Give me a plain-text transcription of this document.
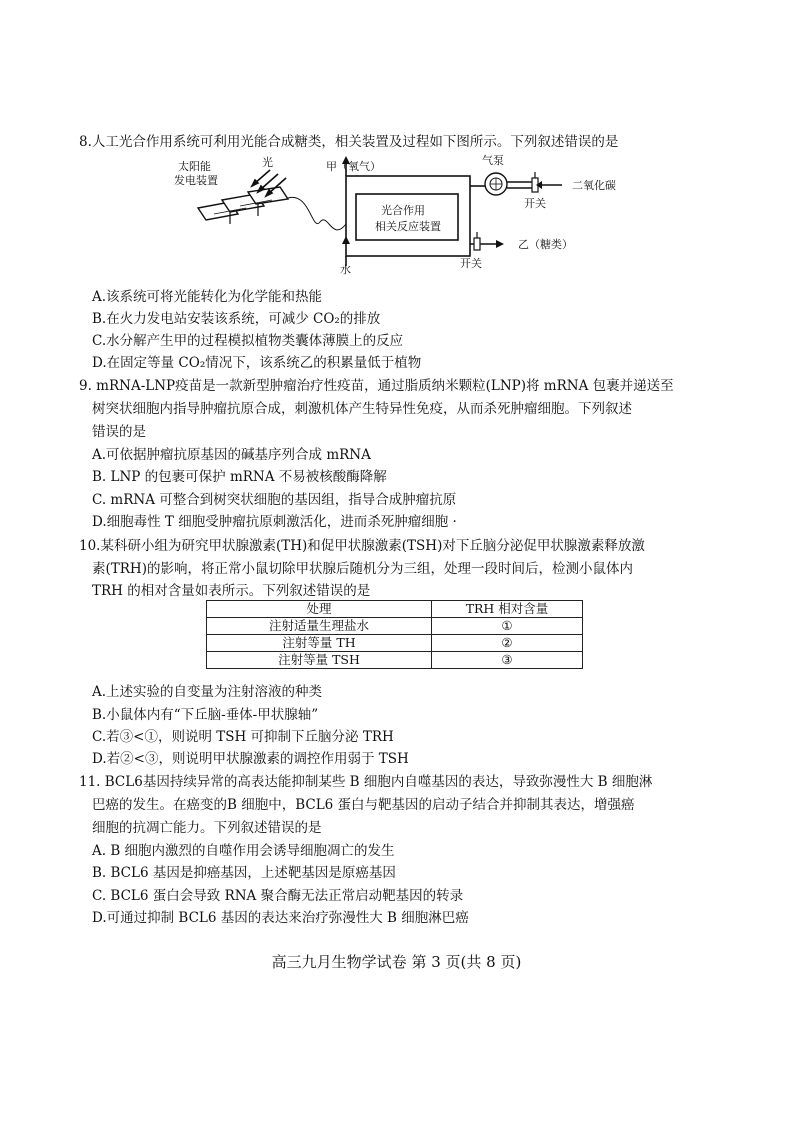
8.人工光合作用系统可利用光能合成糖类，相关装置及过程如下图所示。下列叙述错误的是
太阳能
发电装置
光	甲（氧气）
水
光合作用
相关反应装置
气泵
二氧化碳
开关
乙（糖类）
开关
A.该系统可将光能转化为化学能和热能
B.在火力发电站安装该系统，可减少 CO₂的排放
C.水分解产生甲的过程模拟植物类囊体薄膜上的反应
D.在固定等量 CO₂情况下，该系统乙的积累量低于植物
9. mRNA-LNP疫苗是一款新型肿瘤治疗性疫苗，通过脂质纳米颗粒(LNP)将 mRNA 包裹并递送至
树突状细胞内指导肿瘤抗原合成，刺激机体产生特异性免疫，从而杀死肿瘤细胞。下列叙述
错误的是
A.可依据肿瘤抗原基因的碱基序列合成 mRNA
B. LNP 的包裹可保护 mRNA 不易被核酸酶降解
C. mRNA 可整合到树突状细胞的基因组，指导合成肿瘤抗原
D.细胞毒性 T 细胞受肿瘤抗原刺激活化，进而杀死肿瘤细胞 ·
10.某科研小组为研究甲状腺激素(TH)和促甲状腺激素(TSH)对下丘脑分泌促甲状腺激素释放激
素(TRH)的影响，将正常小鼠切除甲状腺后随机分为三组，处理一段时间后，检测小鼠体内
TRH 的相对含量如表所示。下列叙述错误的是
处理	TRH 相对含量
注射适量生理盐水	①
注射等量 TH	②
注射等量 TSH	③
A.上述实验的自变量为注射溶液的种类
B.小鼠体内有“下丘脑-垂体-甲状腺轴”
C.若③<①，则说明 TSH 可抑制下丘脑分泌 TRH
D.若②<③，则说明甲状腺激素的调控作用弱于 TSH
11. BCL6基因持续异常的高表达能抑制某些 B 细胞内自噬基因的表达，导致弥漫性大 B 细胞淋
巴癌的发生。在癌变的B 细胞中，BCL6 蛋白与靶基因的启动子结合并抑制其表达，增强癌
细胞的抗凋亡能力。下列叙述错误的是
A. B 细胞内激烈的自噬作用会诱导细胞凋亡的发生
B. BCL6 基因是抑癌基因，上述靶基因是原癌基因
C. BCL6 蛋白会导致 RNA 聚合酶无法正常启动靶基因的转录
D.可通过抑制 BCL6 基因的表达来治疗弥漫性大 B 细胞淋巴癌
高三九月生物学试卷 第 3 页(共 8 页)
